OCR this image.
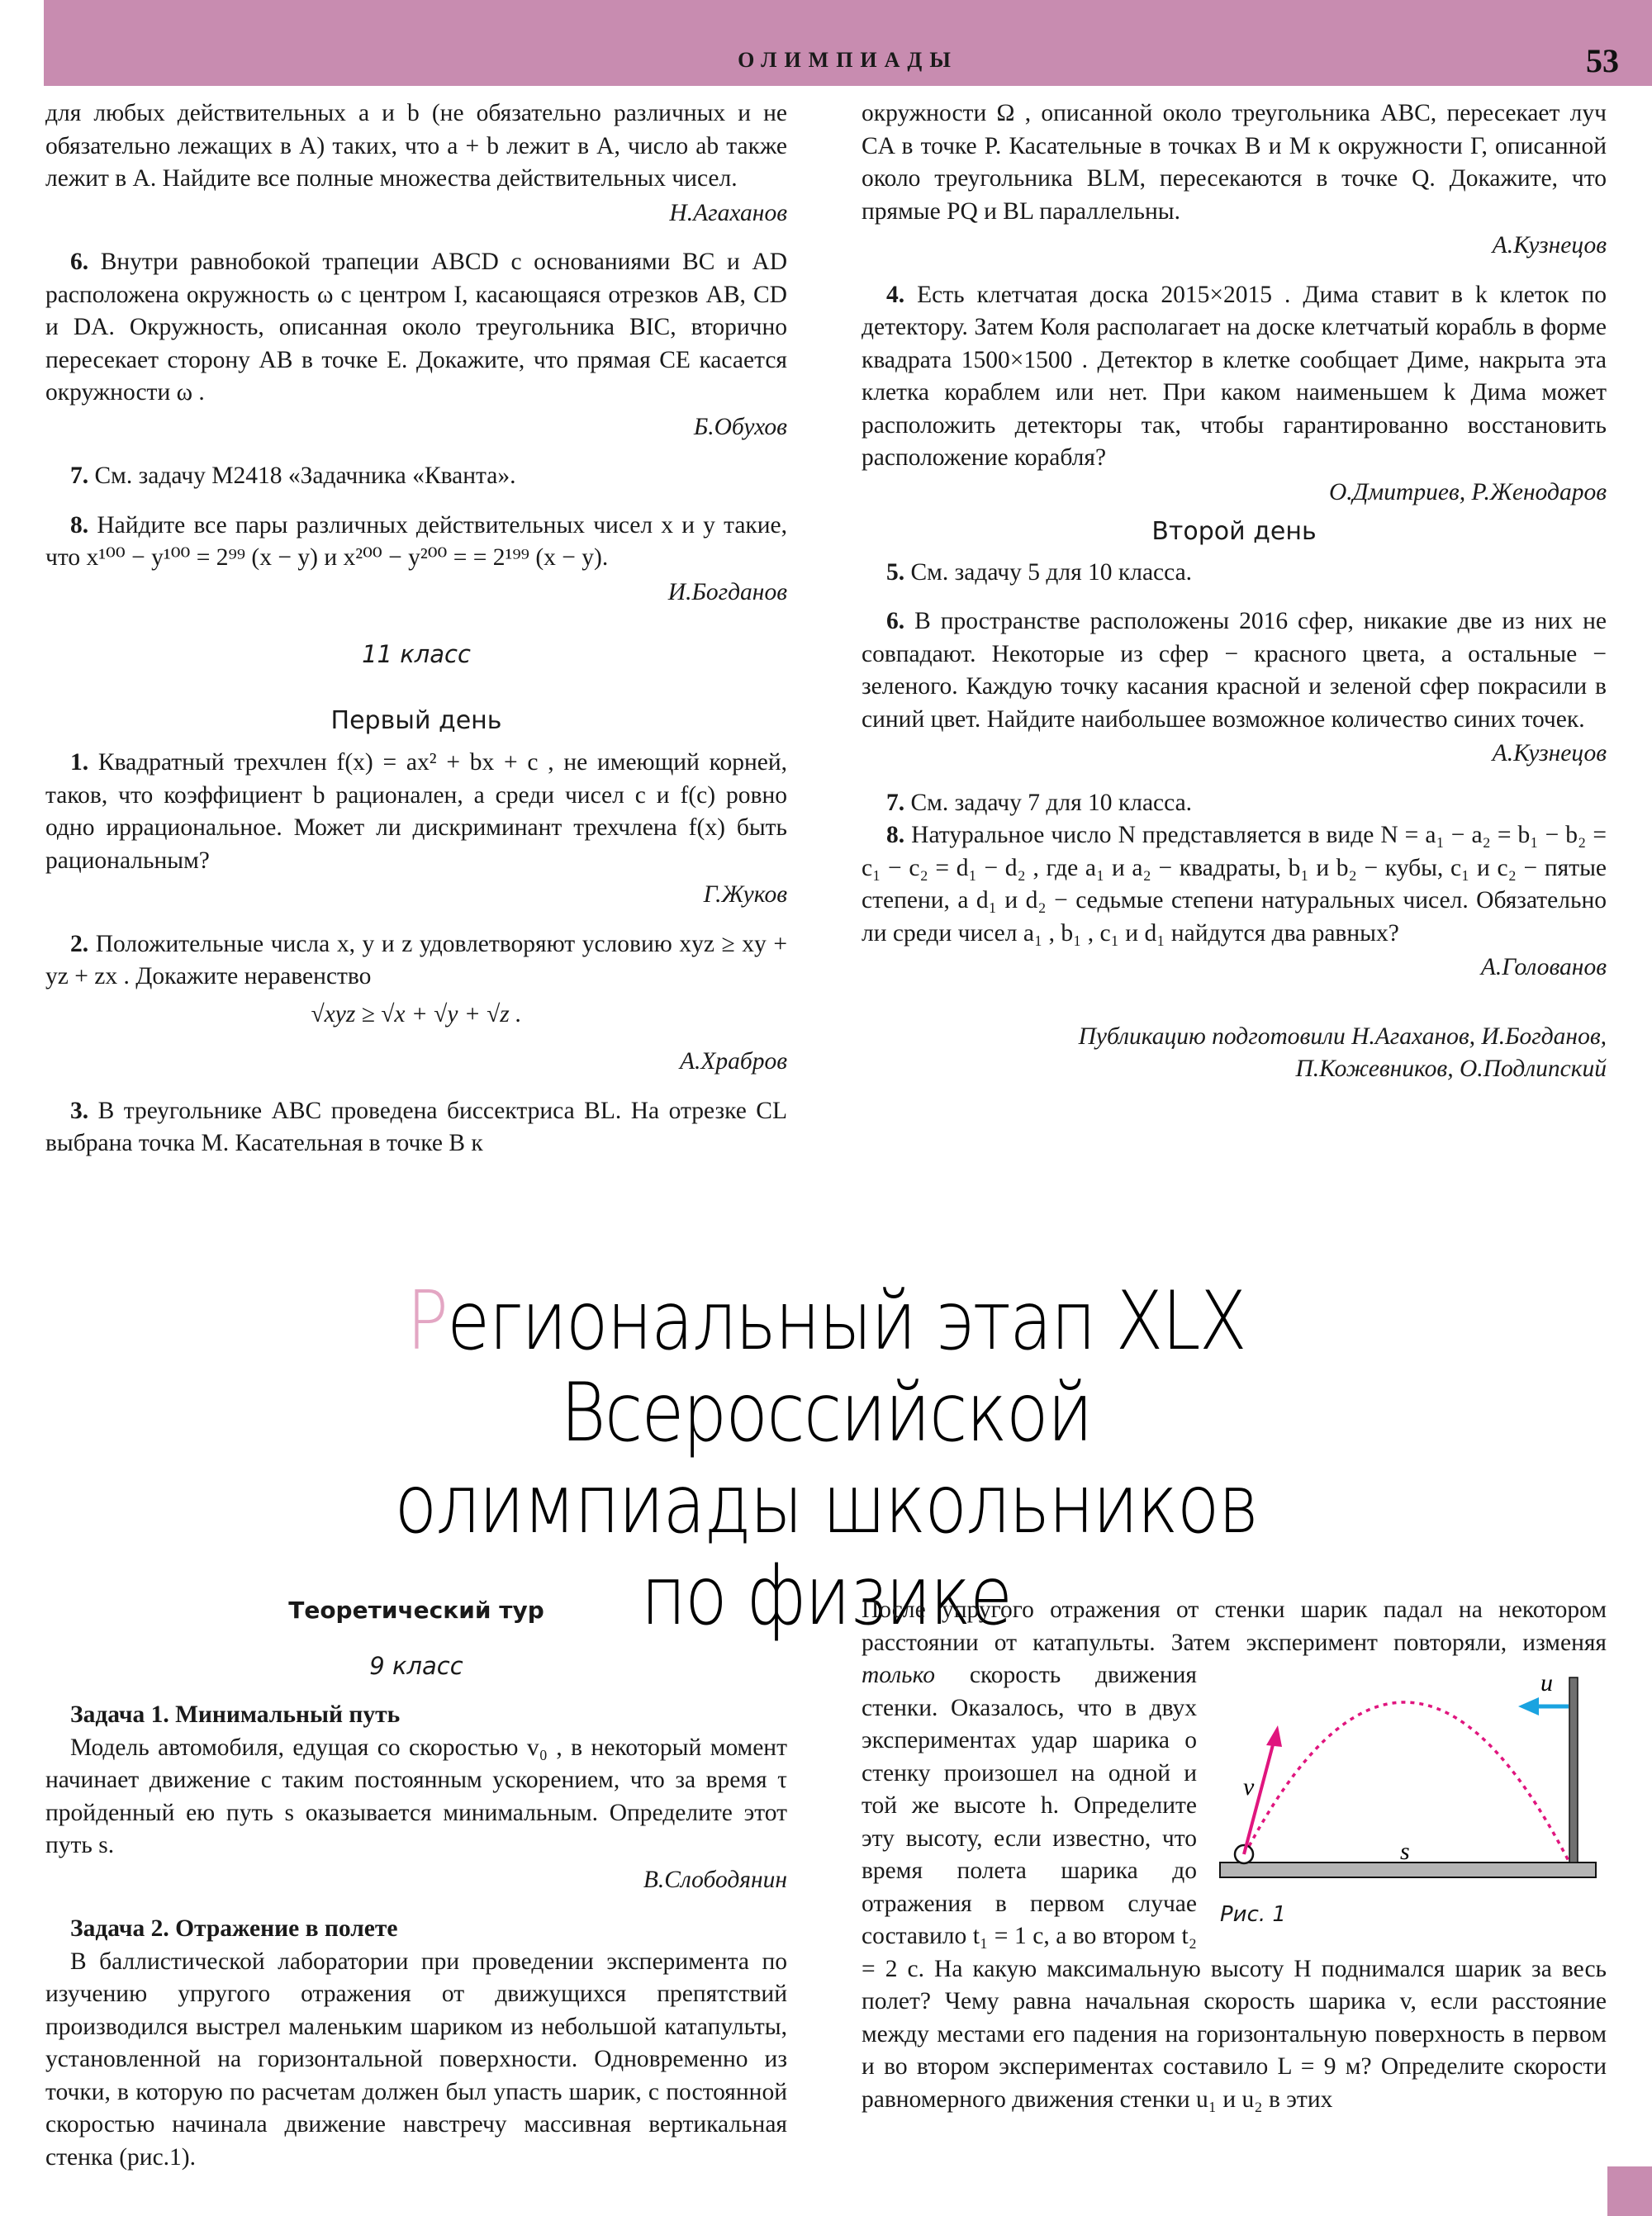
ОЛИМПИАДЫ	53

для любых действительных a и b (не обязательно различных и не обязательно лежащих в A) таких, что a + b лежит в A, число ab также лежит в A. Найдите все полные множества действительных чисел.

Н.Агаханов

6. Внутри равнобокой трапеции ABCD с основаниями BC и AD расположена окружность ω с центром I, касающаяся отрезков AB, CD и DA. Окружность, описанная около треугольника BIC, вторично пересекает сторону AB в точке E. Докажите, что прямая CE касается окружности ω .

Б.Обухов

7. См. задачу М2418 «Задачника «Кванта».

8. Найдите все пары различных действительных чисел x и y такие, что x¹⁰⁰ − y¹⁰⁰ = 2⁹⁹ (x − y) и x²⁰⁰ − y²⁰⁰ = = 2¹⁹⁹ (x − y).

И.Богданов

11 класс

Первый день

1. Квадратный трехчлен f(x) = ax² + bx + c , не имеющий корней, таков, что коэффициент b рационален, а среди чисел c и f(c) ровно одно иррациональное. Может ли дискриминант трехчлена f(x) быть рациональным?

Г.Жуков

2. Положительные числа x, y и z удовлетворяют условию xyz ≥ xy + yz + zx . Докажите неравенство

√xyz ≥ √x + √y + √z .

А.Храбров

3. В треугольнике ABC проведена биссектриса BL. На отрезке CL выбрана точка M. Касательная в точке B к

окружности Ω , описанной около треугольника ABC, пересекает луч CA в точке P. Касательные в точках B и M к окружности Γ, описанной около треугольника BLM, пересекаются в точке Q. Докажите, что прямые PQ и BL параллельны.

А.Кузнецов

4. Есть клетчатая доска 2015×2015 . Дима ставит в k клеток по детектору. Затем Коля располагает на доске клетчатый корабль в форме квадрата 1500×1500 . Детектор в клетке сообщает Диме, накрыта эта клетка кораблем или нет. При каком наименьшем k Дима может расположить детекторы так, чтобы гарантированно восстановить расположение корабля?

О.Дмитриев, Р.Женодаров

Второй день

5. См. задачу 5 для 10 класса.

6. В пространстве расположены 2016 сфер, никакие две из них не совпадают. Некоторые из сфер − красного цвета, а остальные − зеленого. Каждую точку касания красной и зеленой сфер покрасили в синий цвет. Найдите наибольшее возможное количество синих точек.

А.Кузнецов

7. См. задачу 7 для 10 класса.

8. Натуральное число N представляется в виде N = a₁ − a₂ = b₁ − b₂ = c₁ − c₂ = d₁ − d₂ , где a₁ и a₂ − квадраты, b₁ и b₂ − кубы, c₁ и c₂ − пятые степени, а d₁ и d₂ − седьмые степени натуральных чисел. Обязательно ли среди чисел a₁ , b₁ , c₁ и d₁ найдутся два равных?

А.Голованов

Публикацию подготовили Н.Агаханов, И.Богданов,

П.Кожевников, О.Подлипский

Региональный этап XLX Всероссийской
олимпиады школьников
по физике

Теоретический тур

9 класс

Задача 1. Минимальный путь

Модель автомобиля, едущая со скоростью v₀ , в некоторый момент начинает движение с таким постоянным ускорением, что за время τ пройденный ею путь s оказывается минимальным. Определите этот путь s.

В.Слободянин

Задача 2. Отражение в полете

В баллистической лаборатории при проведении эксперимента по изучению упругого отражения от движущихся препятствий производился выстрел маленьким шариком из небольшой катапульты, установленной на горизонтальной поверхности. Одновременно из точки, в которую по расчетам должен был упасть шарик, с постоянной скоростью начинала движение навстречу массивная вертикальная стенка (рис.1).

После упругого отражения от стенки шарик падал на некотором расстоянии от катапульты. Затем эксперимент повторяли, изменяя
v
u
s
Рис. 1
только скорость движения стенки. Оказалось, что в двух экспериментах удар шарика о стенку произошел на одной и той же высоте h. Определите эту высоту, если известно, что время полета шарика до отражения в первом случае составило t₁ = 1 с, а во втором t₂ = 2 с. На какую максимальную высоту H поднимался шарик за весь полет? Чему равна начальная скорость шарика v, если расстояние между местами его падения на горизонтальную поверхность в первом и во втором экспериментах составило L = 9 м? Определите скорости равномерного движения стенки u₁ и u₂ в этих
